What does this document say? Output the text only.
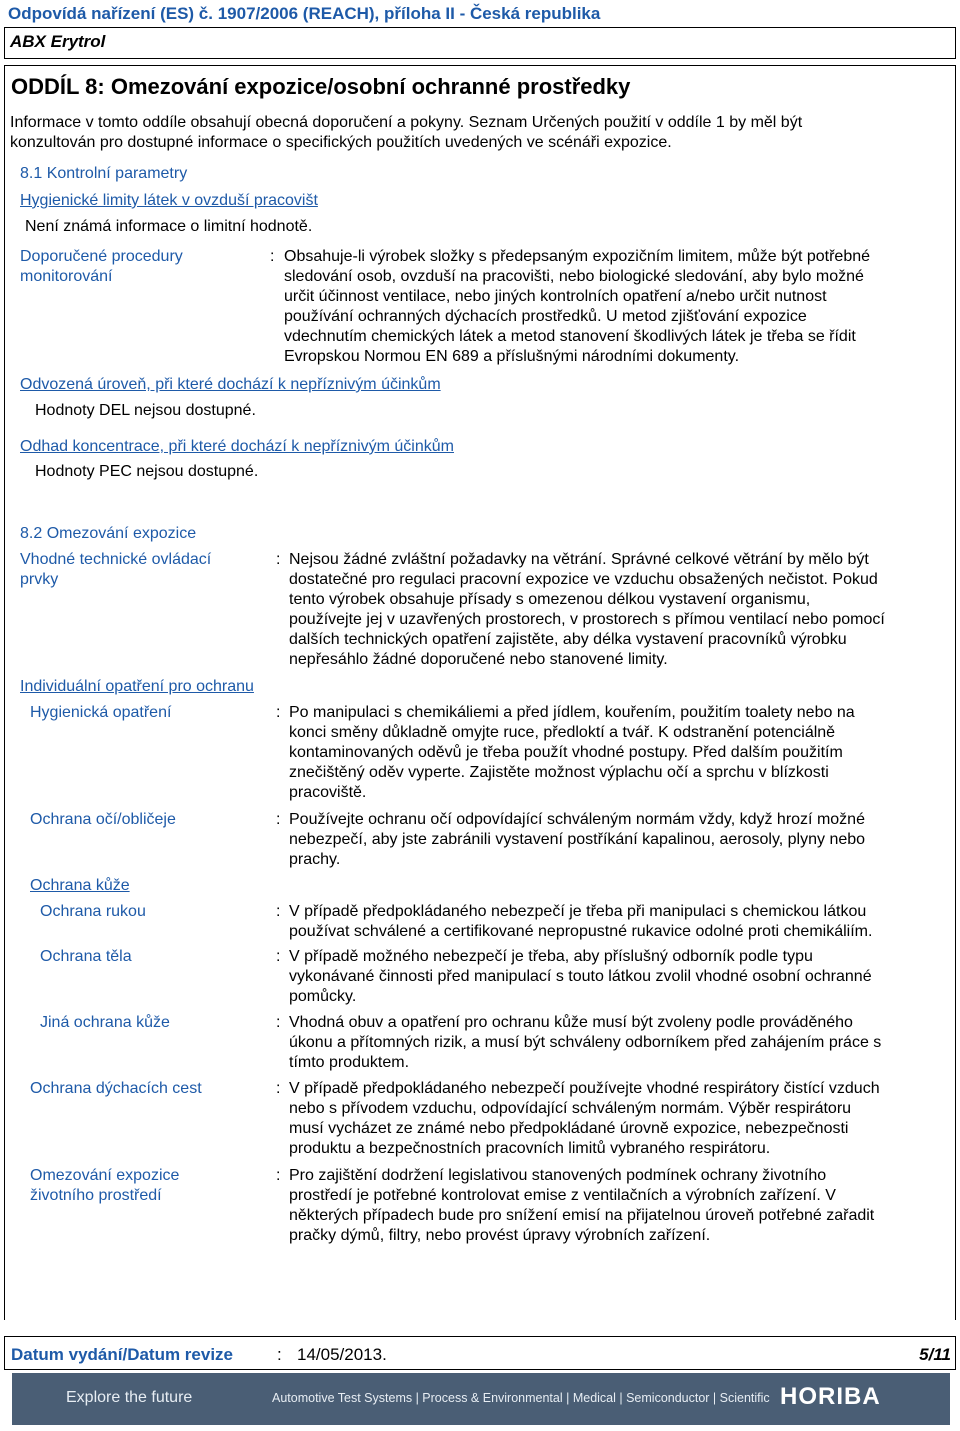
Odpovídá nařízení (ES) č. 1907/2006 (REACH), příloha II - Česká republika
ABX Erytrol
ODDÍL 8: Omezování expozice/osobní ochranné prostředky
Informace v tomto oddíle obsahují obecná doporučení a pokyny. Seznam Určených použití v oddíle 1 by měl být
konzultován pro dostupné informace o specifických použitích uvedených ve scénáři expozice.
8.1 Kontrolní parametry
Hygienické limity látek v ovzduší pracovišt
Není známá informace o limitní hodnotě.
Doporučené procedury
monitorování
: Obsahuje-li výrobek složky s předepsaným expozičním limitem, může být potřebné
sledování osob, ovzduší na pracovišti, nebo biologické sledování, aby bylo možné
určit účinnost ventilace, nebo jiných kontrolních opatření a/nebo určit nutnost
používání ochranných dýchacích prostředků. U metod zjišťování expozice
vdechnutím chemických látek a metod stanovení škodlivých látek je třeba se řídit
Evropskou Normou EN 689 a příslušnými národními dokumenty.
Odvozená úroveň, při které dochází k nepříznivým účinkům
Hodnoty DEL nejsou dostupné.
Odhad koncentrace, při které dochází k nepříznivým účinkům
Hodnoty PEC nejsou dostupné.
8.2 Omezování expozice
Vhodné technické ovládací
prvky
: Nejsou žádné zvláštní požadavky na větrání. Správné celkové větrání by mělo být
dostatečné pro regulaci pracovní expozice ve vzduchu obsažených nečistot. Pokud
tento výrobek obsahuje přísady s omezenou délkou vystavení organismu,
používejte jej v uzavřených prostorech, v prostorech s přímou ventilací nebo pomocí
dalších technických opatření zajistěte, aby délka vystavení pracovníků výrobku
nepřesáhlo žádné doporučené nebo stanovené limity.
Individuální opatření pro ochranu
Hygienická opatření	: Po manipulaci s chemikáliemi a před jídlem, kouřením, použitím toalety nebo na
konci směny důkladně omyjte ruce, předloktí a tvář. K odstranění potenciálně
kontaminovaných oděvů je třeba použít vhodné postupy. Před dalším použitím
znečištěný oděv vyperte. Zajistěte možnost výplachu očí a sprchu v blízkosti
pracoviště.
Ochrana očí/obličeje	: Používejte ochranu očí odpovídající schváleným normám vždy, když hrozí možné
nebezpečí, aby jste zabránili vystavení postříkání kapalinou, aerosoly, plyny nebo
prachy.
Ochrana kůže
Ochrana rukou	: V případě předpokládaného nebezpečí je třeba při manipulaci s chemickou látkou
používat schválené a certifikované nepropustné rukavice odolné proti chemikáliím.
Ochrana těla	: V případě možného nebezpečí je třeba, aby příslušný odborník podle typu
vykonávané činnosti před manipulací s touto látkou zvolil vhodné osobní ochranné
pomůcky.
Jiná ochrana kůže	: Vhodná obuv a opatření pro ochranu kůže musí být zvoleny podle prováděného
úkonu a přítomných rizik, a musí být schváleny odborníkem před zahájením práce s
tímto produktem.
Ochrana dýchacích cest	: V případě předpokládaného nebezpečí používejte vhodné respirátory čistící vzduch
nebo s přívodem vzduchu, odpovídající schváleným normám. Výběr respirátoru
musí vycházet ze známé nebo předpokládané úrovně expozice, nebezpečnosti
produktu a bezpečnostních pracovních limitů vybraného respirátoru.
Omezování expozice
životního prostředí
: Pro zajištění dodržení legislativou stanovených podmínek ochrany životního
prostředí je potřebné kontrolovat emise z ventilačních a výrobních zařízení. V
některých případech bude pro snížení emisí na přijatelnou úroveň potřebné zařadit
pračky dýmů, filtry, nebo provést úpravy výrobních zařízení.
Datum vydání/Datum revize	: 14/05/2013.	5/11
Explore the future	Automotive Test Systems | Process & Environmental | Medical | Semiconductor | Scientific HORIBA
